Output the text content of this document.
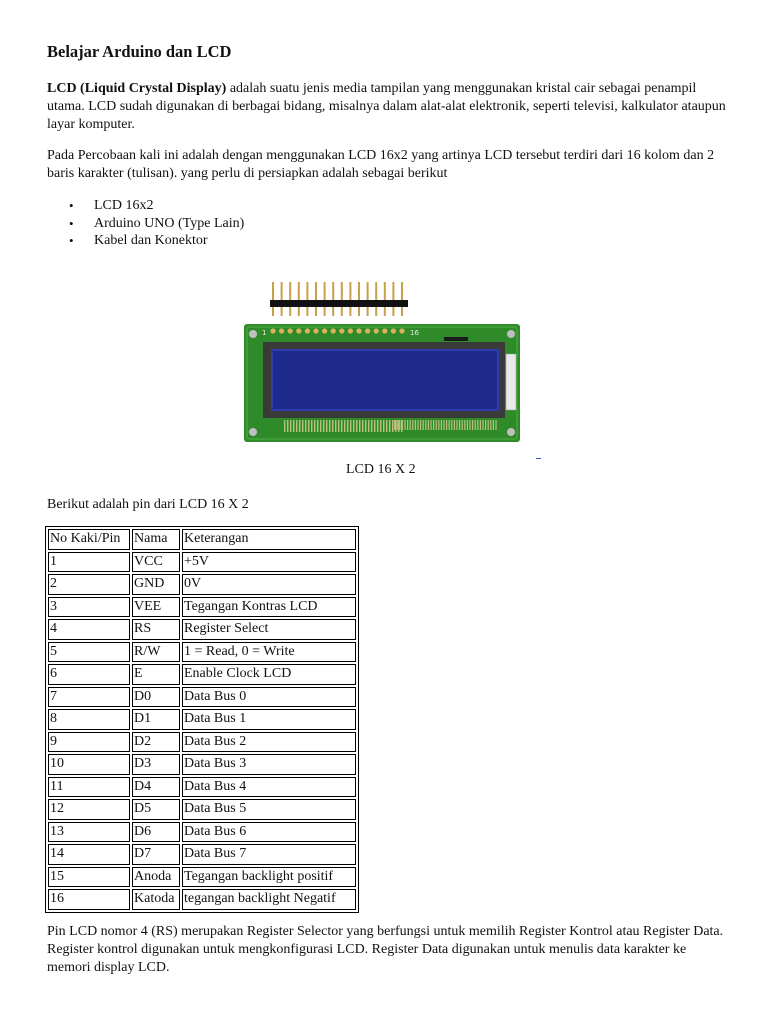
Belajar Arduino dan LCD

LCD (Liquid Crystal Display) adalah suatu jenis media tampilan yang menggunakan kristal cair sebagai penampil utama. LCD sudah digunakan di berbagai bidang, misalnya dalam alat-alat elektronik, seperti televisi, kalkulator ataupun layar komputer.

Pada Percobaan kali ini adalah dengan menggunakan LCD 16x2 yang artinya LCD tersebut terdiri dari 16 kolom dan 2 baris karakter (tulisan). yang perlu di persiapkan adalah sebagai berikut

• LCD 16x2
• Arduino UNO (Type Lain)
• Kabel dan Konektor
1	16
LCD 16 X 2

Berikut adalah pin dari LCD 16 X 2

No Kaki/Pin	Nama	Keterangan
1	VCC	+5V
2	GND	0V
3	VEE	Tegangan Kontras LCD
4	RS	Register Select
5	R/W	1 = Read, 0 = Write
6	E	Enable Clock LCD
7	D0	Data Bus 0
8	D1	Data Bus 1
9	D2	Data Bus 2
10	D3	Data Bus 3
11	D4	Data Bus 4
12	D5	Data Bus 5
13	D6	Data Bus 6
14	D7	Data Bus 7
15	Anoda	Tegangan backlight positif
16	Katoda	tegangan backlight Negatif

Pin LCD nomor 4 (RS) merupakan Register Selector yang berfungsi untuk memilih Register Kontrol atau Register Data. Register kontrol digunakan untuk mengkonfigurasi LCD. Register Data digunakan untuk menulis data karakter ke memori display LCD.
